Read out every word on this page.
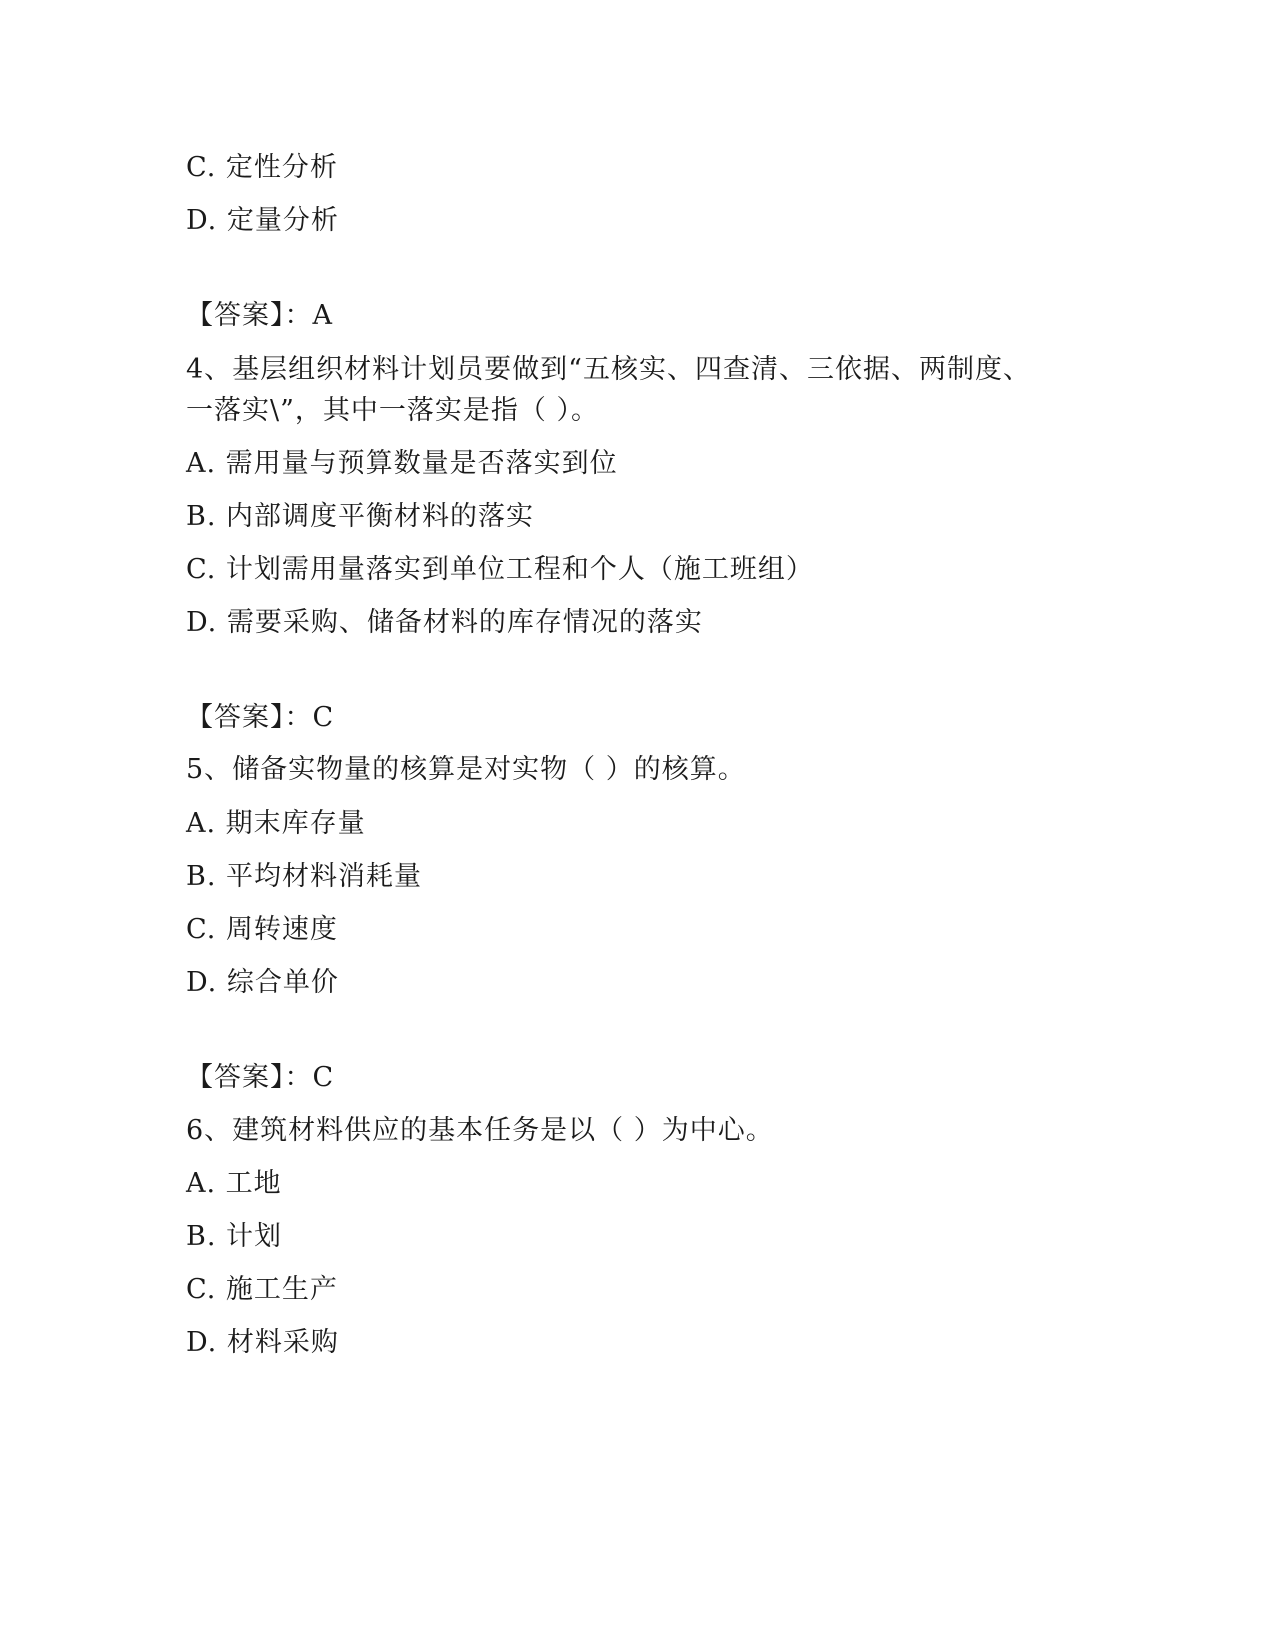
C. 定性分析
D. 定量分析
【答案】：A
4、基层组织材料计划员要做到“五核实、四查清、三依据、两制度、
一落实\”，其中一落实是指（ ）。
A. 需用量与预算数量是否落实到位
B. 内部调度平衡材料的落实
C. 计划需用量落实到单位工程和个人（施工班组）
D. 需要采购、储备材料的库存情况的落实
【答案】：C
5、储备实物量的核算是对实物（ ）的核算。
A. 期末库存量
B. 平均材料消耗量
C. 周转速度
D. 综合单价
【答案】：C
6、建筑材料供应的基本任务是以（ ）为中心。
A. 工地
B. 计划
C. 施工生产
D. 材料采购
